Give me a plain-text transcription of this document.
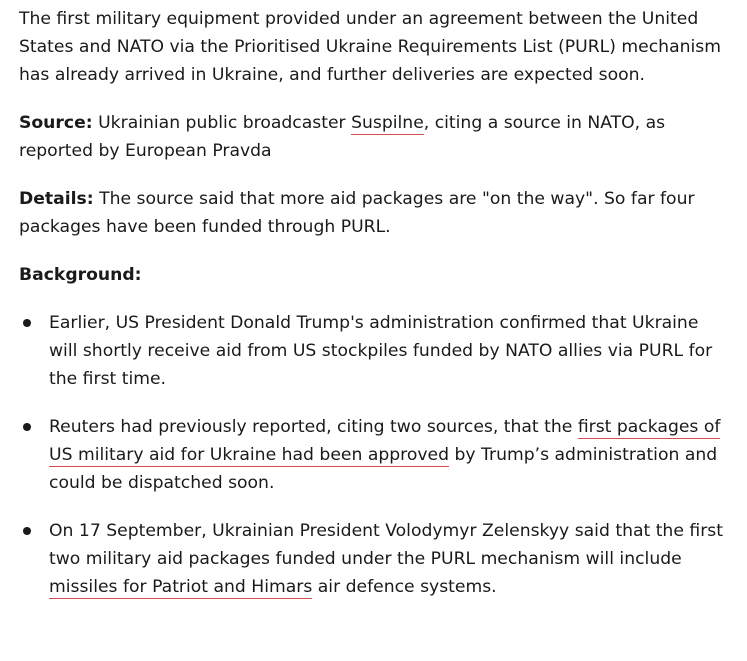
The first military equipment provided under an agreement between the United States and NATO via the Prioritised Ukraine Requirements List (PURL) mechanism has already arrived in Ukraine, and further deliveries are expected soon.

Source: Ukrainian public broadcaster Suspilne, citing a source in NATO, as reported by European Pravda

Details: The source said that more aid packages are "on the way". So far four packages have been funded through PURL.

Background:

Earlier, US President Donald Trump's administration confirmed that Ukraine will shortly receive aid from US stockpiles funded by NATO allies via PURL for the first time.
Reuters had previously reported, citing two sources, that the first packages of US military aid for Ukraine had been approved by Trump’s administration and could be dispatched soon.
On 17 September, Ukrainian President Volodymyr Zelenskyy said that the first two military aid packages funded under the PURL mechanism will include missiles for Patriot and Himars air defence systems.
